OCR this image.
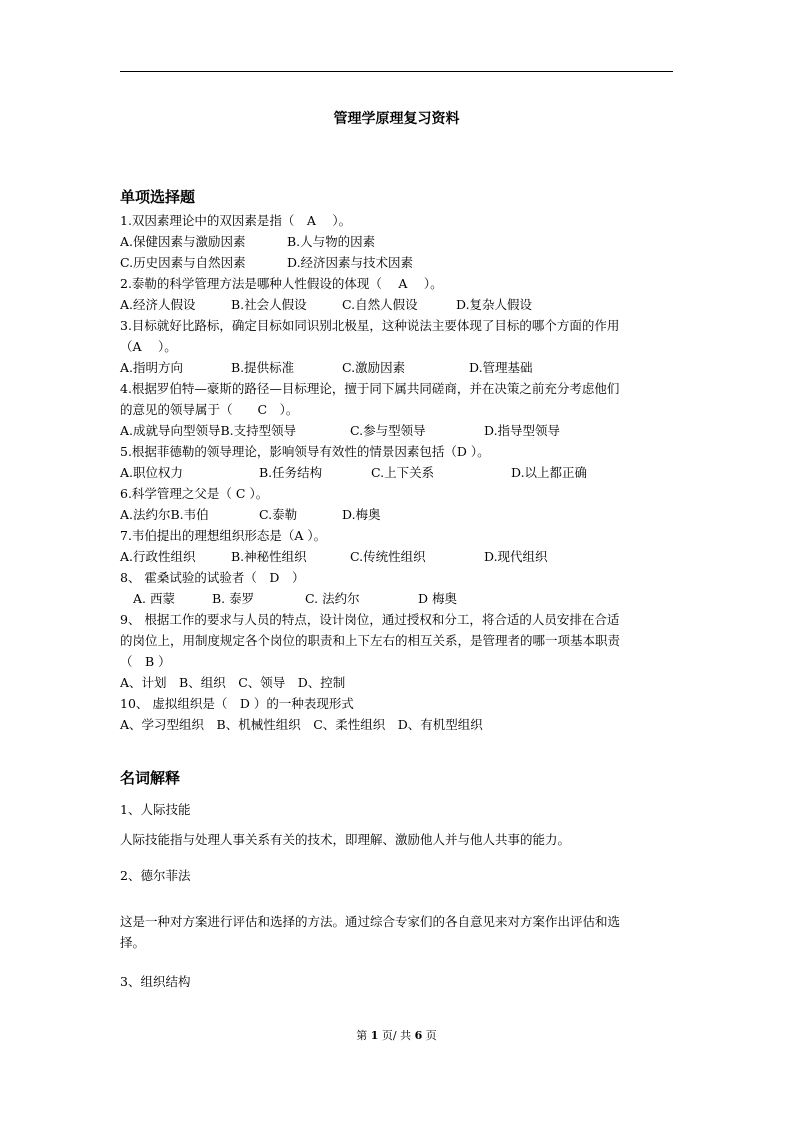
管理学原理复习资料
单项选择题
1.双因素理论中的双因素是指（　A　 ）。
A.保健因素与激励因素	B.人与物的因素
C.历史因素与自然因素	D.经济因素与技术因素
2.泰勒的科学管理方法是哪种人性假设的体现（　 A　 ）。
A.经济人假设	B.社会人假设	C.自然人假设	D.复杂人假设
3.目标就好比路标，确定目标如同识别北极星，这种说法主要体现了目标的哪个方面的作用
（A　 ）。
A.指明方向	B.提供标准	C.激励因素	D.管理基础
4.根据罗伯特—豪斯的路径—目标理论，擅于同下属共同磋商，并在决策之前充分考虑他们
的意见的领导属于（　　C　）。
A.成就导向型领导B.支持型领导	C.参与型领导	D.指导型领导
5.根据菲德勒的领导理论，影响领导有效性的情景因素包括（D ）。
A.职位权力	B.任务结构	C.上下关系	D.以上都正确
6.科学管理之父是（ C ）。
A.法约尔B.韦伯	C.泰勒	D.梅奥
7.韦伯提出的理想组织形态是（A ）。
A.行政性组织	B.神秘性组织	C.传统性组织	D.现代组织
8、 霍桑试验的试验者（　D　）
A. 西蒙	B. 泰罗	C. 法约尔	D 梅奥
9、 根据工作的要求与人员的特点，设计岗位，通过授权和分工，将合适的人员安排在合适
的岗位上，用制度规定各个岗位的职责和上下左右的相互关系，是管理者的哪一项基本职责
（　B ）
A、计划　B、组织　C、领导　D、控制
10、 虚拟组织是（　D ）的一种表现形式
A、学习型组织　B、机械性组织　C、柔性组织　D、有机型组织
名词解释
1、人际技能
人际技能指与处理人事关系有关的技术，即理解、激励他人并与他人共事的能力。
2、德尔菲法
这是一种对方案进行评估和选择的方法。通过综合专家们的各自意见来对方案作出评估和选
择。
3、组织结构
第 1 页/ 共 6 页
